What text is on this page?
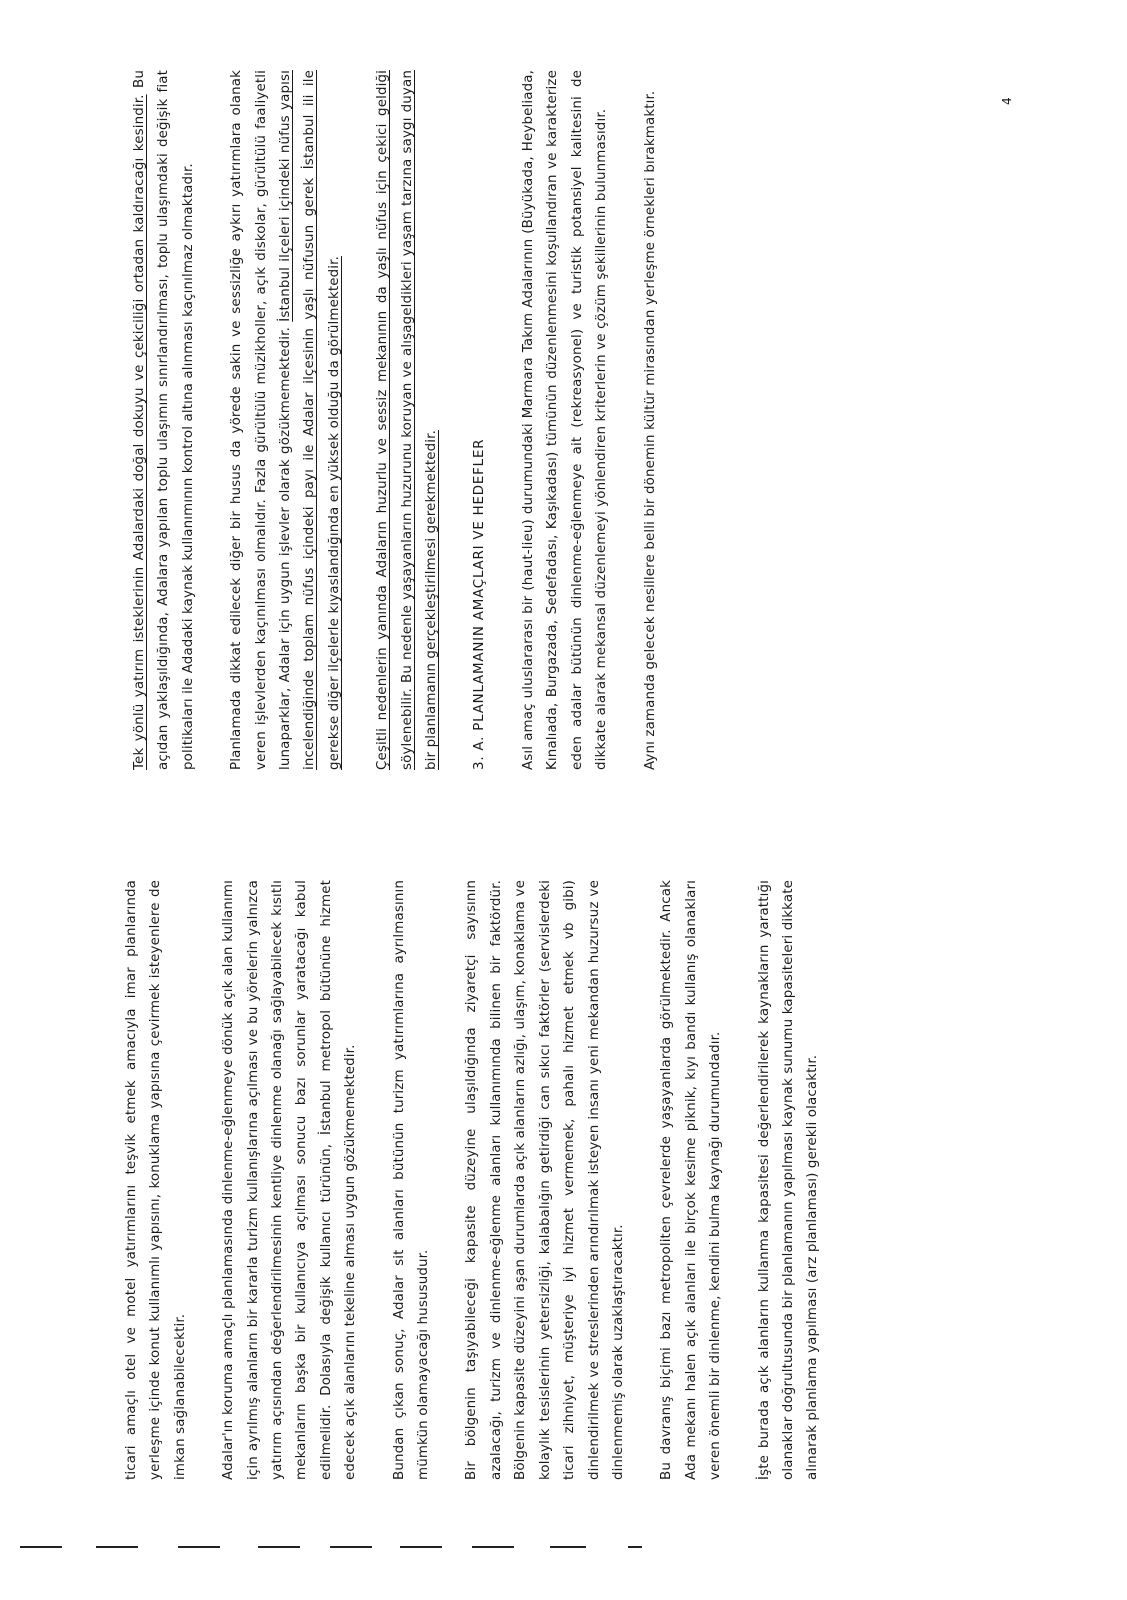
ticari amaçlı otel ve motel yatırımlarını teşvik etmek amacıyla imar planlarında yerleşme içinde konut kullanımlı yapısını, konuklama yapısına çevirmek isteyenlere de imkan sağlanabilecektir.	Adalar'ın koruma amaçlı planlamasında dinlenme-eğlenmeye dönük açık alan kullanımı için ayrılmış alanların bir kararla turizm kullanışlarına açılması ve bu yörelerin yalnızca yatırım açısından değerlendirilmesinin kentliye dinlenme olanağı sağlayabilecek kısıtlı mekanların başka bir kullanıcıya açılması sonucu bazı sorunlar yaratacağı kabul edilmelidir. Dolasıyla değişik kullanıcı türünün, İstanbul metropol bütününe hizmet edecek açık alanlarını tekeline alması uygun gözükmemektedir.	Bundan çıkan sonuç, Adalar sit alanları bütünün turizm yatırımlarına ayrılmasının mümkün olamayacağı hususudur.	Bir bölgenin taşıyabileceği kapasite düzeyine ulaşıldığında ziyaretçi sayısının azalacağı, turizm ve dinlenme-eğlenme alanları kullanımında bilinen bir faktördür. Bölgenin kapasite düzeyini aşan durumlarda açık alanların azlığı, ulaşım, konaklama ve kolaylık tesislerinin yetersizliği, kalabalığın getirdiği can sıkıcı faktörler (servislerdeki ticari zihniyet, müşteriye iyi hizmet vermemek, pahalı hizmet etmek vb gibi) dinlendirilmek ve streslerinden arındırılmak isteyen insanı yeni mekandan huzursuz ve dinlenmemiş olarak uzaklaştıracaktır.	Bu davranış biçimi bazı metropoliten çevrelerde yaşayanlarda görülmektedir. Ancak Ada mekanı halen açık alanları ile birçok kesime piknik, kıyı bandı kullanış olanakları veren önemli bir dinlenme, kendini bulma kaynağı durumundadır.	İşte burada açık alanların kullanma kapasitesi değerlendirilerek kaynakların yarattığı olanaklar doğrultusunda bir planlamanın yapılması kaynak sunumu kapasiteleri dikkate alınarak planlama yapılması (arz planlaması) gerekli olacaktır.

Tek yönlü yatırım isteklerinin Adalardaki doğal dokuyu ve çekiciliği ortadan kaldıracağı kesindir. Bu açıdan yaklaşıldığında, Adalara yapılan toplu ulaşımın sınırlandırılması, toplu ulaşımdaki değişik fiat politikaları ile Adadaki kaynak kullanımının kontrol altına alınması kaçınılmaz olmaktadır.	Planlamada dikkat edilecek diğer bir husus da yörede sakin ve sessizliğe aykırı yatırımlara olanak veren işlevlerden kaçınılması olmalıdır. Fazla gürültülü müzikholler, açık diskolar, gürültülü faaliyetli lunaparklar, Adalar için uygun işlevler olarak gözükmemektedir. İstanbul ilçeleri içindeki nüfus yapısı incelendiğinde toplam nüfus içindeki payı ile Adalar ilçesinin yaşlı nüfusun gerek İstanbul ili ile gerekse diğer ilçelerle kıyaslandığında en yüksek olduğu da görülmektedir.	Çeşitli nedenlerin yanında Adaların huzurlu ve sessiz mekanının da yaşlı nüfus için çekici geldiği söylenebilir. Bu nedenle yaşayanların huzurunu koruyan ve alışageldikleri yaşam tarzına saygı duyan bir planlamanın gerçekleştirilmesi gerekmektedir.	3. A. PLANLAMANIN AMAÇLARI VE HEDEFLER	Asıl amaç uluslararası bir (haut-lieu) durumundaki Marmara Takım Adalarının (Büyükada, Heybeliada, Kınalıada, Burgazada, Sedefadası, Kaşıkadası) tümünün düzenlenmesini koşullandıran ve karakterize eden adalar bütünün dinlenme-eğlenmeye ait (rekreasyonel) ve turistik potansiyel kalitesini de dikkate alarak mekansal düzenlemeyi yönlendiren kriterlerin ve çözüm şekillerinin bulunmasıdır.	Aynı zamanda gelecek nesillere belli bir dönemin kültür mirasından yerleşme örnekleri bırakmaktır.	4
